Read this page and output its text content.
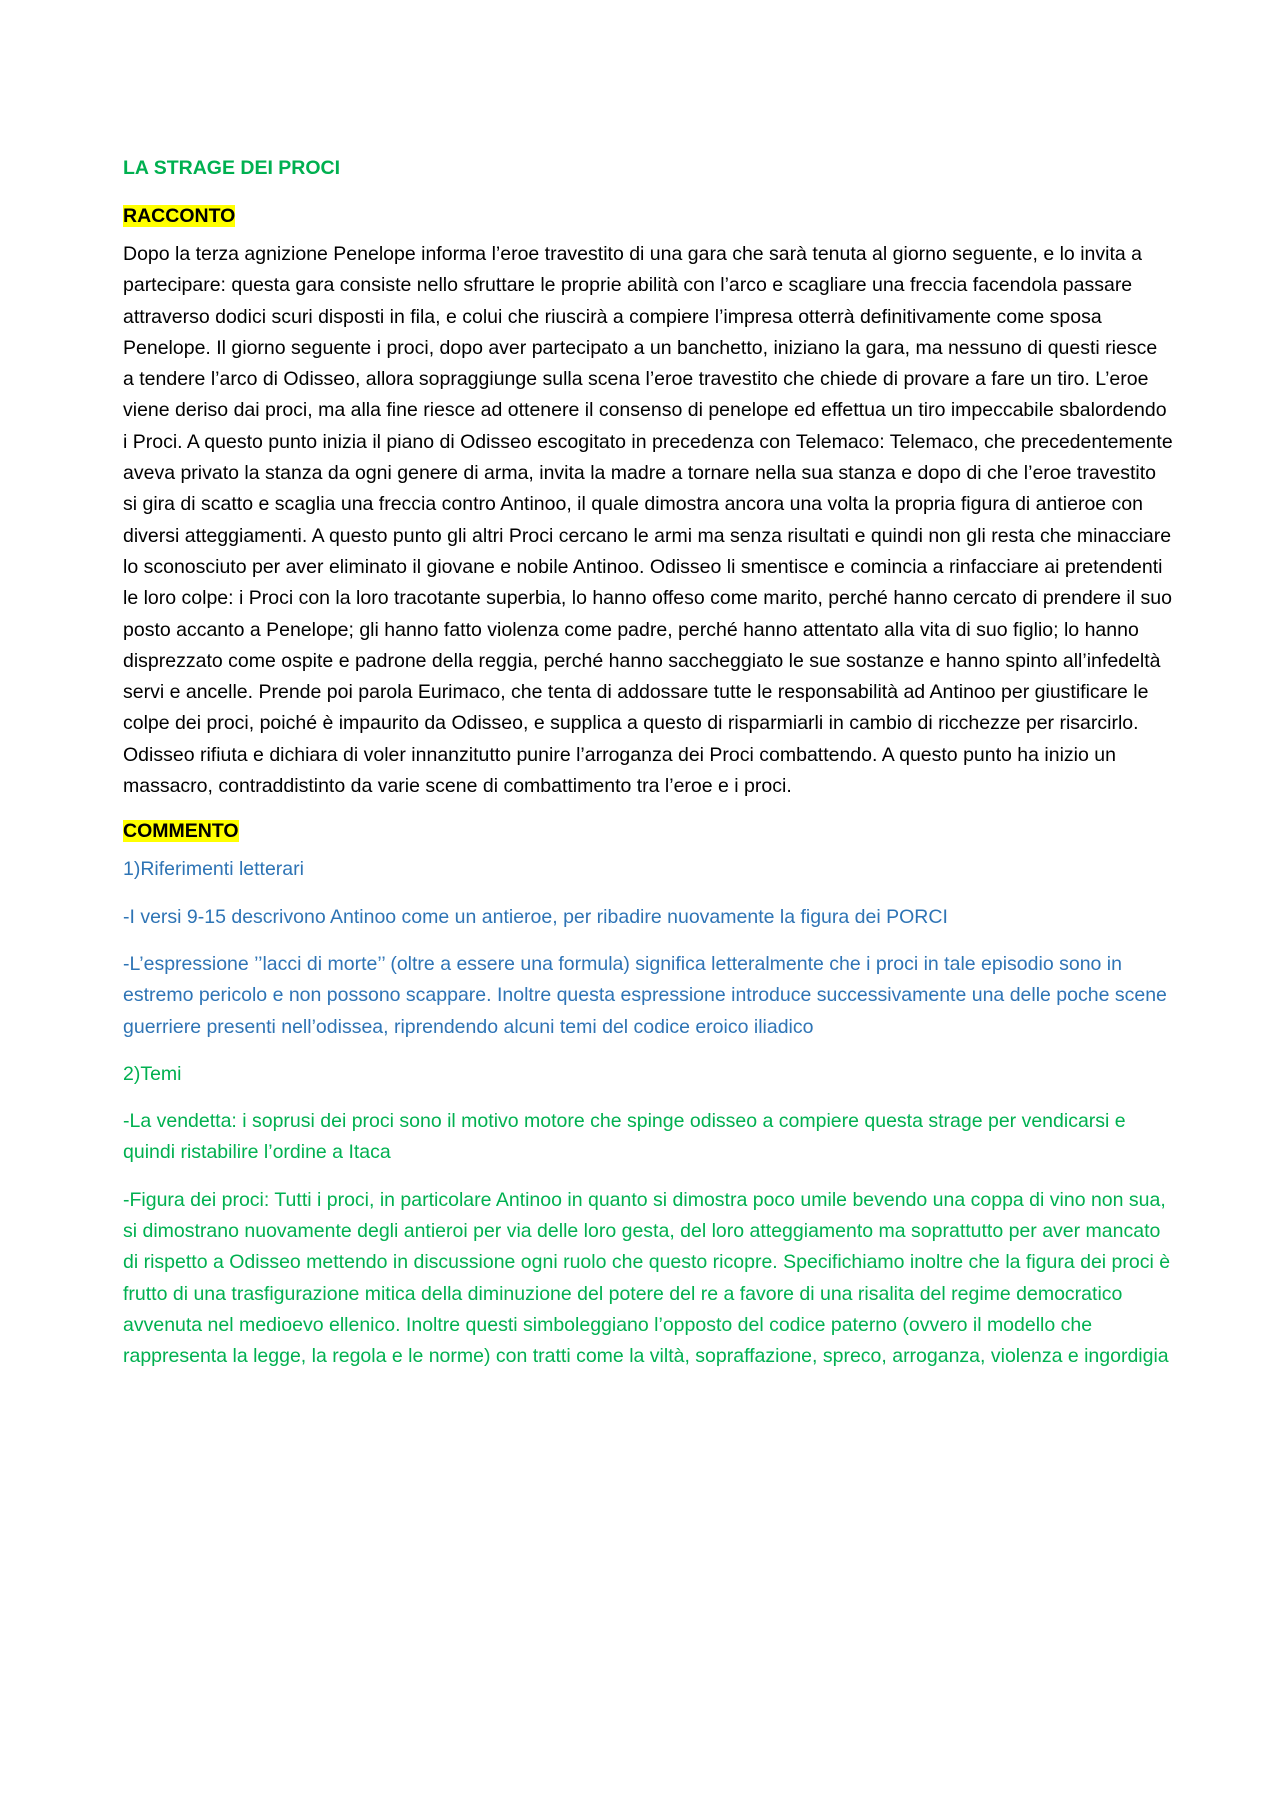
LA STRAGE DEI PROCI

RACCONTO

Dopo la terza agnizione Penelope informa l’eroe travestito di una gara che sarà tenuta al giorno seguente, e lo invita a partecipare: questa gara consiste nello sfruttare le proprie abilità con l’arco e scagliare una freccia facendola passare attraverso dodici scuri disposti in fila, e colui che riuscirà a compiere l’impresa otterrà definitivamente come sposa Penelope. Il giorno seguente i proci, dopo aver partecipato a un banchetto, iniziano la gara, ma nessuno di questi riesce a tendere l’arco di Odisseo, allora sopraggiunge sulla scena l’eroe travestito che chiede di provare a fare un tiro. L’eroe viene deriso dai proci, ma alla fine riesce ad ottenere il consenso di penelope ed effettua un tiro impeccabile sbalordendo i Proci. A questo punto inizia il piano di Odisseo escogitato in precedenza con Telemaco: Telemaco, che precedentemente aveva privato la stanza da ogni genere di arma, invita la madre a tornare nella sua stanza e dopo di che l’eroe travestito si gira di scatto e scaglia una freccia contro Antinoo, il quale dimostra ancora una volta la propria figura di antieroe con diversi atteggiamenti. A questo punto gli altri Proci cercano le armi ma senza risultati e quindi non gli resta che minacciare lo sconosciuto per aver eliminato il giovane e nobile Antinoo. Odisseo li smentisce e comincia a rinfacciare ai pretendenti le loro colpe: i Proci con la loro tracotante superbia, lo hanno offeso come marito, perché hanno cercato di prendere il suo posto accanto a Penelope; gli hanno fatto violenza come padre, perché hanno attentato alla vita di suo figlio; lo hanno disprezzato come ospite e padrone della reggia, perché hanno saccheggiato le sue sostanze e hanno spinto all’infedeltà servi e ancelle. Prende poi parola Eurimaco, che tenta di addossare tutte le responsabilità ad Antinoo per giustificare le colpe dei proci, poiché è impaurito da Odisseo, e supplica a questo di risparmiarli in cambio di ricchezze per risarcirlo. Odisseo rifiuta e dichiara di voler innanzitutto punire l’arroganza dei Proci combattendo. A questo punto ha inizio un massacro, contraddistinto da varie scene di combattimento tra l’eroe e i proci.

COMMENTO

1)Riferimenti letterari

-I versi 9-15 descrivono Antinoo come un antieroe, per ribadire nuovamente la figura dei PORCI

-L’espressione ’’lacci di morte’’ (oltre a essere una formula) significa letteralmente che i proci in tale episodio sono in estremo pericolo e non possono scappare. Inoltre questa espressione introduce successivamente una delle poche scene guerriere presenti nell’odissea, riprendendo alcuni temi del codice eroico iliadico

2)Temi

-La vendetta: i soprusi dei proci sono il motivo motore che spinge odisseo a compiere questa strage per vendicarsi e quindi ristabilire l’ordine a Itaca

-Figura dei proci: Tutti i proci, in particolare Antinoo in quanto si dimostra poco umile bevendo una coppa di vino non sua, si dimostrano nuovamente degli antieroi per via delle loro gesta, del loro atteggiamento ma soprattutto per aver mancato di rispetto a Odisseo mettendo in discussione ogni ruolo che questo ricopre. Specifichiamo inoltre che la figura dei proci è frutto di una trasfigurazione mitica della diminuzione del potere del re a favore di una risalita del regime democratico avvenuta nel medioevo ellenico. Inoltre questi simboleggiano l’opposto del codice paterno (ovvero il modello che rappresenta la legge, la regola e le norme) con tratti come la viltà, sopraffazione, spreco, arroganza, violenza e ingordigia
